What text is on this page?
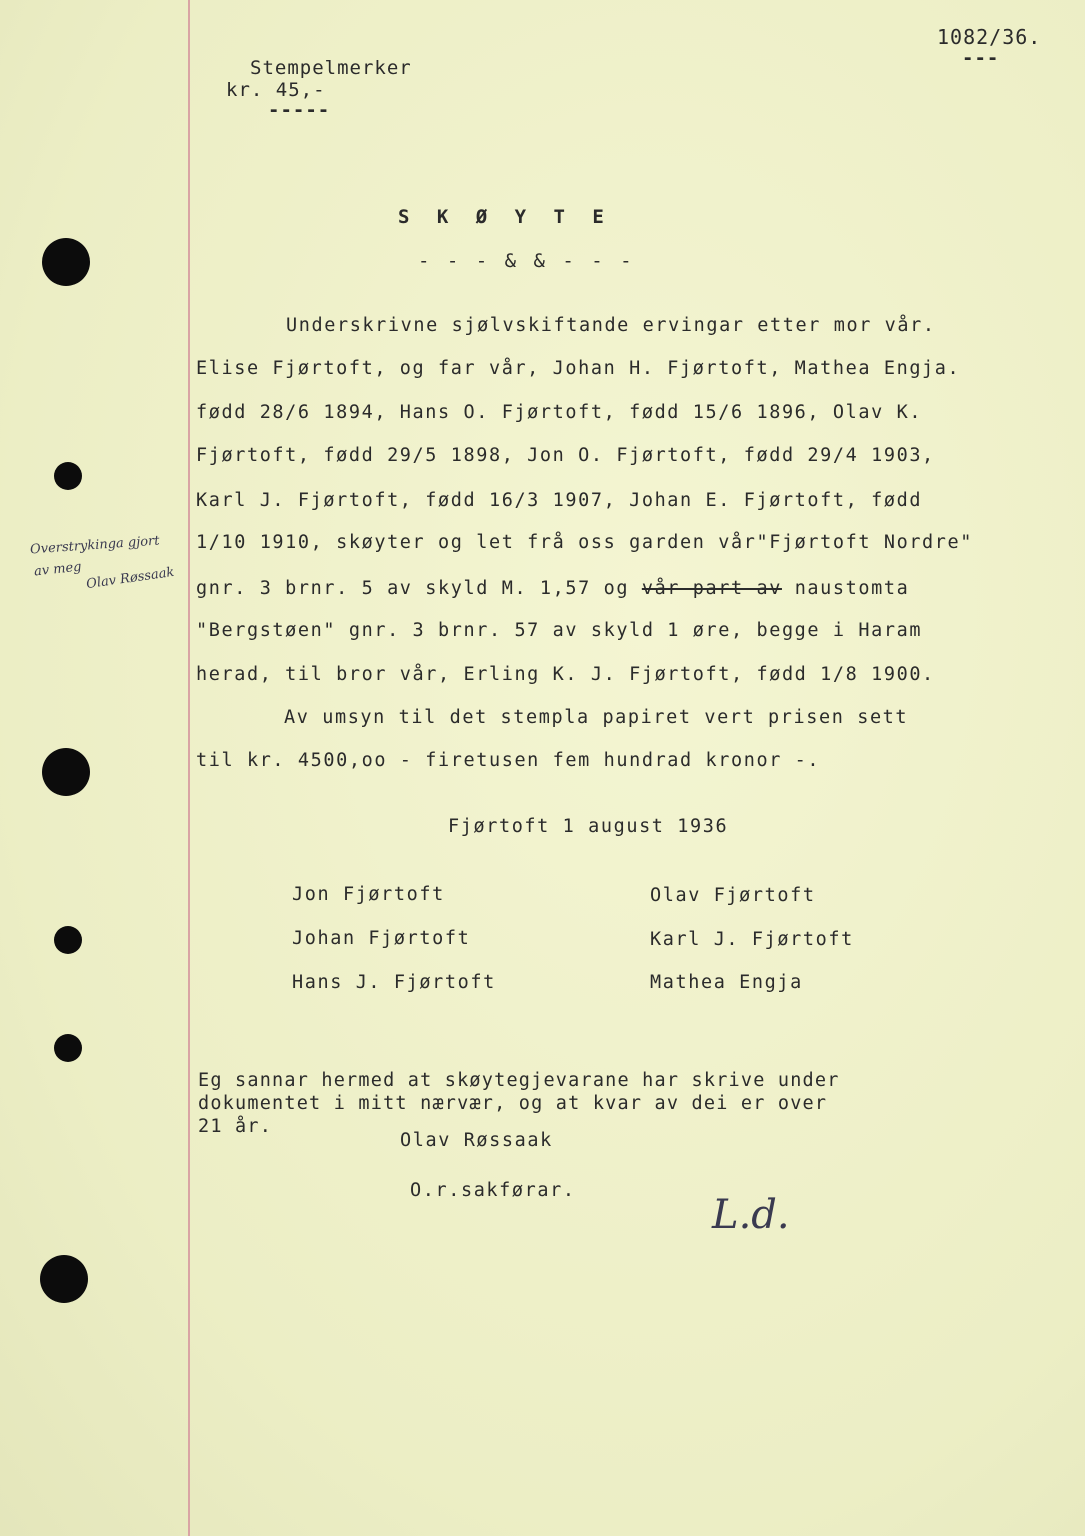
Stempelmerker
kr. 45,-
-----
1082/36.
---
S K Ø Y T E
- - - & & - - -
Underskrivne sjølvskiftande ervingar etter mor vår.
Elise Fjørtoft, og far vår, Johan H. Fjørtoft, Mathea Engja.
fødd 28/6 1894, Hans O. Fjørtoft, fødd 15/6 1896, Olav K.
Fjørtoft, fødd 29/5 1898, Jon O. Fjørtoft, fødd 29/4 1903,
Karl J. Fjørtoft, fødd 16/3 1907, Johan E. Fjørtoft, fødd
1/10 1910, skøyter og let frå oss garden vår"Fjørtoft Nordre"
gnr. 3 brnr. 5 av skyld M. 1,57 og vår part av naustomta
"Bergstøen" gnr. 3 brnr. 57 av skyld 1 øre, begge i Haram
herad, til bror vår, Erling K. J. Fjørtoft, fødd 1/8 1900.
Av umsyn til det stempla papiret vert prisen sett
til kr. 4500,oo - firetusen fem hundrad kronor -.
Fjørtoft 1 august 1936
Jon Fjørtoft
Johan Fjørtoft
Hans J. Fjørtoft
Olav Fjørtoft
Karl J. Fjørtoft
Mathea Engja
Eg sannar hermed at skøytegjevarane har skrive under
dokumentet i mitt nærvær, og at kvar av dei er over
21 år.
Olav Røssaak
O.r.sakførar.
Overstrykinga gjort
av meg Olav Røssaak
L.d.
